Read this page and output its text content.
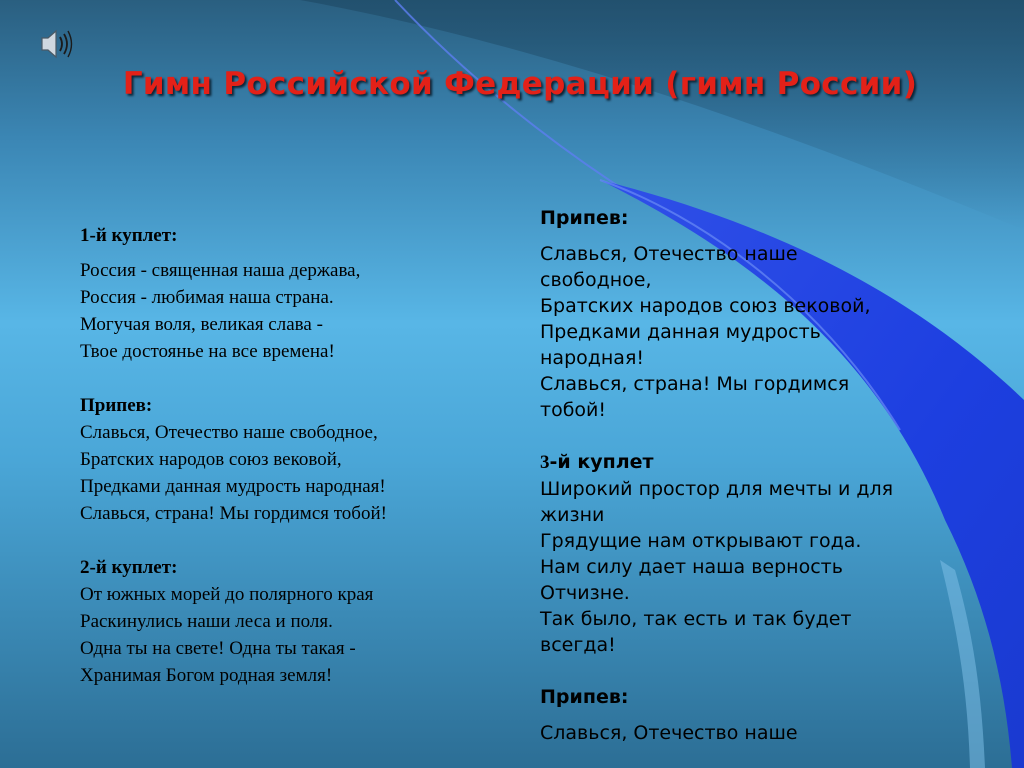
Гимн Российской Федерации (гимн России)

1-й куплет:

Россия - священная наша держава,

Россия - любимая наша страна.

Могучая воля, великая слава -

Твое достоянье на все времена!

Припев:

Славься, Отечество наше свободное,

Братских народов союз вековой,

Предками данная мудрость народная!

Славься, страна! Мы гордимся тобой!

2-й куплет:

От южных морей до полярного края

Раскинулись наши леса и поля.

Одна ты на свете! Одна ты такая -

Хранимая Богом родная земля!

Припев:

Славься, Отечество наше

свободное,

Братских народов союз вековой,

Предками данная мудрость

народная!

Славься, страна! Мы гордимся

тобой!

3-й куплет

Широкий простор для мечты и для

жизни

Грядущие нам открывают года.

Нам силу дает наша верность

Отчизне.

Так было, так есть и так будет

всегда!

Припев:

Славься, Отечество наше
